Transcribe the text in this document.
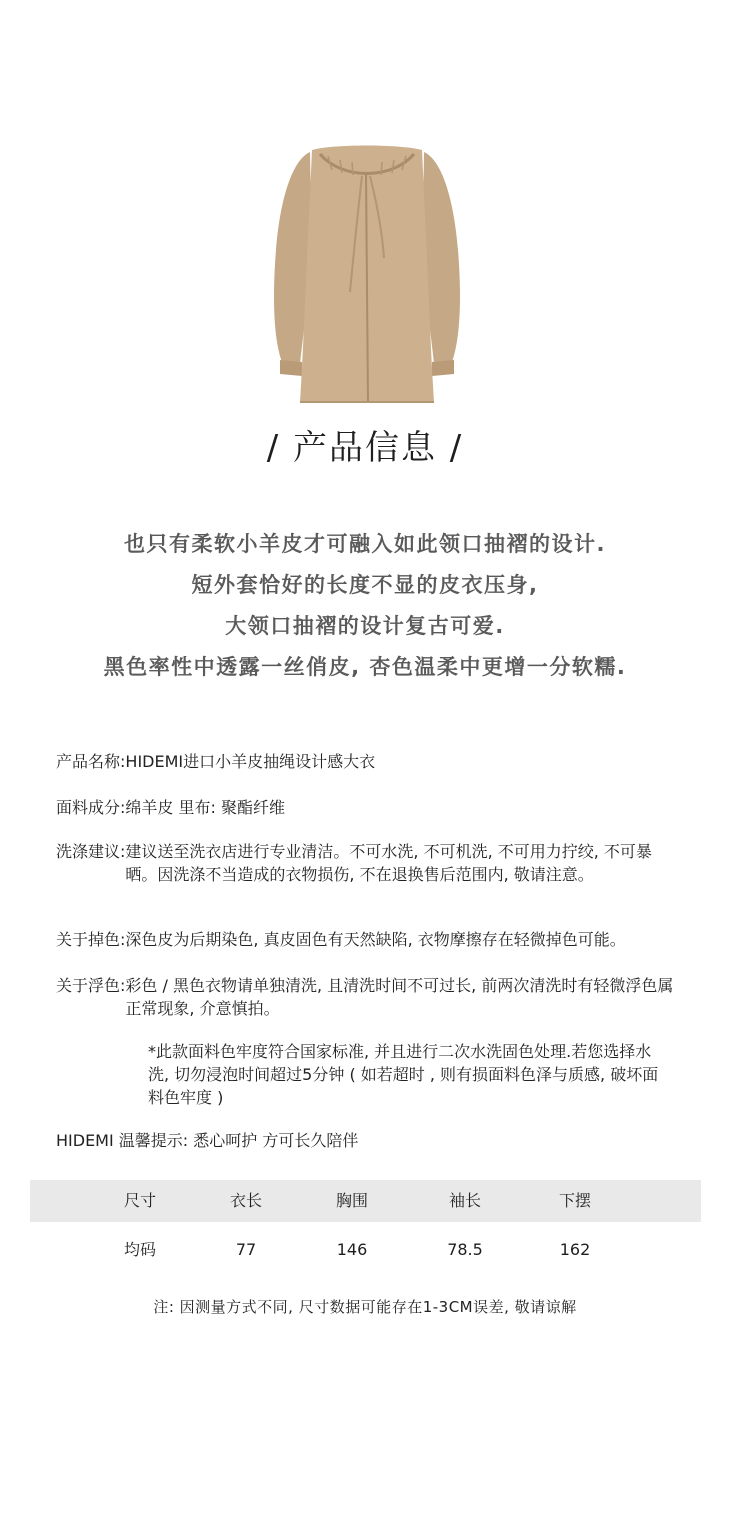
/ 产品信息 /

也只有柔软小羊皮才可融入如此领口抽褶的设计.

短外套恰好的长度不显的皮衣压身,

大领口抽褶的设计复古可爱.

黑色率性中透露一丝俏皮, 杏色温柔中更增一分软糯.

产品名称: HIDEMI进口小羊皮抽绳设计感大衣
面料成分: 绵羊皮 里布: 聚酯纤维
洗涤建议: 建议送至洗衣店进行专业清洁。不可水洗, 不可机洗, 不可用力拧绞, 不可暴晒。因洗涤不当造成的衣物损伤, 不在退换售后范围内, 敬请注意。
关于掉色: 深色皮为后期染色, 真皮固色有天然缺陷, 衣物摩擦存在轻微掉色可能。
关于浮色: 彩色 / 黑色衣物请单独清洗, 且清洗时间不可过长, 前两次清洗时有轻微浮色属正常现象, 介意慎拍。
*此款面料色牢度符合国家标准, 并且进行二次水洗固色处理.若您选择水洗, 切勿浸泡时间超过5分钟 ( 如若超时 , 则有损面料色泽与质感, 破坏面料色牢度 )
HIDEMI 温馨提示: 悉心呵护 方可长久陪伴
尺寸	衣长	胸围	袖长	下摆
均码	77	146	78.5	162
注: 因测量方式不同, 尺寸数据可能存在1-3CM误差, 敬请谅解
